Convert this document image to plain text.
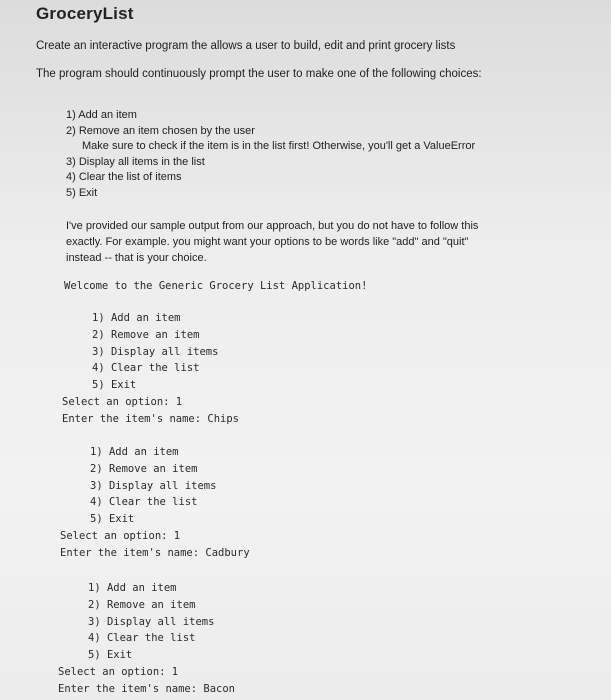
GroceryList
Create an interactive program the allows a user to build, edit and print grocery lists
The program should continuously prompt the user to make one of the following choices:
1) Add an item
2) Remove an item chosen by the user
Make sure to check if the item is in the list first! Otherwise, you'll get a ValueError
3) Display all items in the list
4) Clear the list of items
5) Exit
I've provided our sample output from our approach, but you do not have to follow this
exactly. For example. you might want your options to be words like "add" and "quit"
instead -- that is your choice.
Welcome to the Generic Grocery List Application!
1) Add an item
2) Remove an item
3) Display all items
4) Clear the list
5) Exit
Select an option: 1
Enter the item's name: Chips
1) Add an item
2) Remove an item
3) Display all items
4) Clear the list
5) Exit
Select an option: 1
Enter the item's name: Cadbury
1) Add an item
2) Remove an item
3) Display all items
4) Clear the list
5) Exit
Select an option: 1
Enter the item's name: Bacon
